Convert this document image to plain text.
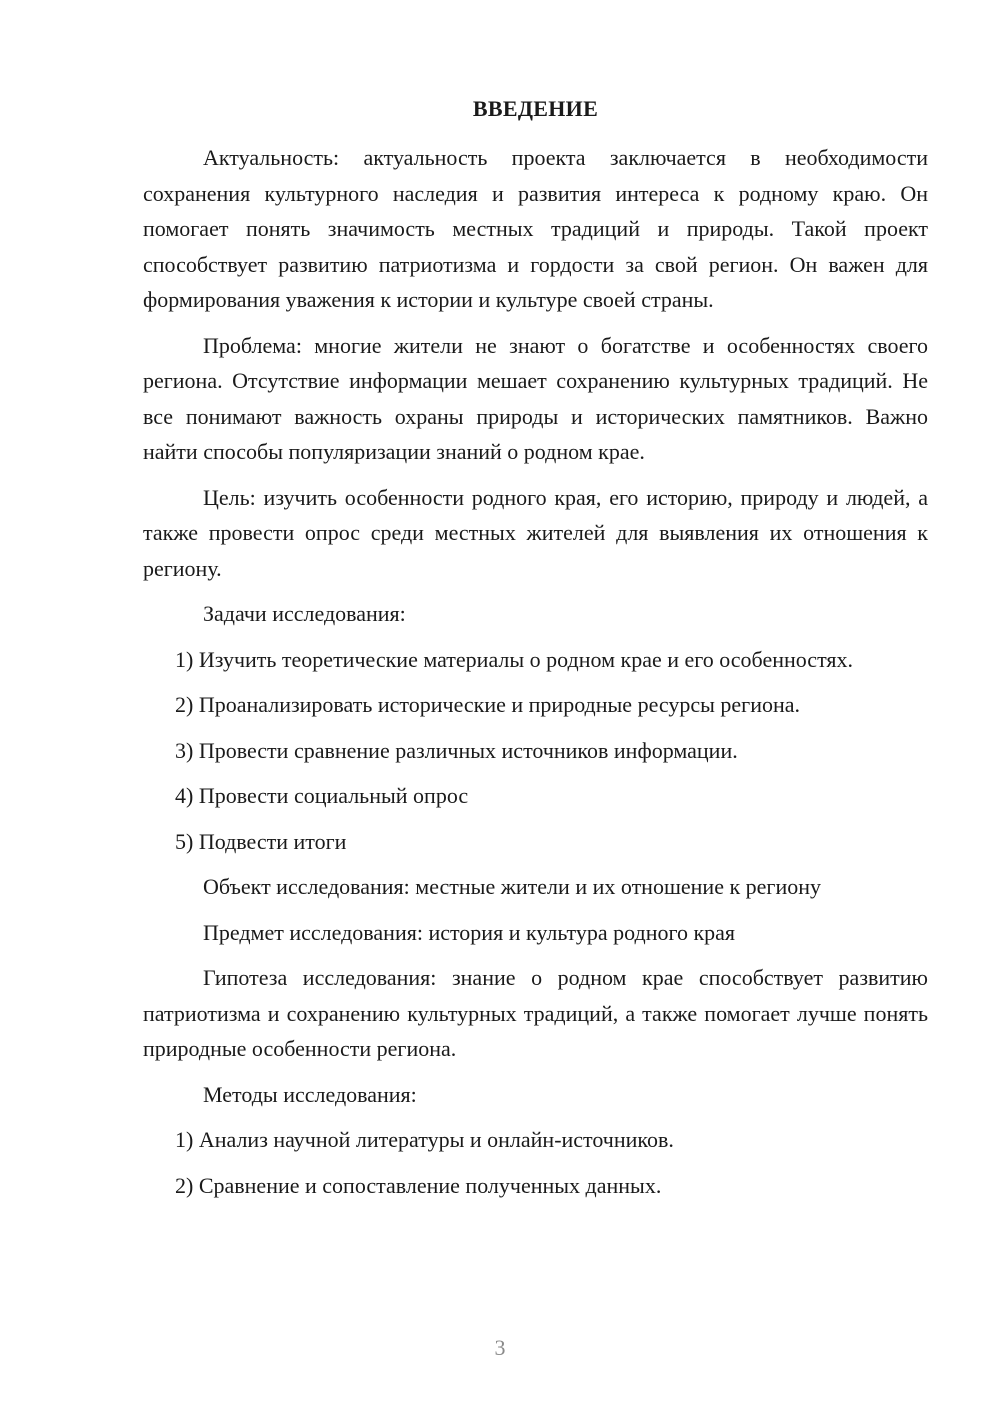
ВВЕДЕНИЕ

Актуальность: актуальность проекта заключается в необходимости сохранения культурного наследия и развития интереса к родному краю. Он помогает понять значимость местных традиций и природы. Такой проект способствует развитию патриотизма и гордости за свой регион. Он важен для формирования уважения к истории и культуре своей страны.

Проблема: многие жители не знают о богатстве и особенностях своего региона. Отсутствие информации мешает сохранению культурных традиций. Не все понимают важность охраны природы и исторических памятников. Важно найти способы популяризации знаний о родном крае.

Цель: изучить особенности родного края, его историю, природу и людей, а также провести опрос среди местных жителей для выявления их отношения к региону.

Задачи исследования:

1) Изучить теоретические материалы о родном крае и его особенностях.

2) Проанализировать исторические и природные ресурсы региона.

3) Провести сравнение различных источников информации.

4) Провести социальный опрос

5) Подвести итоги

Объект исследования: местные жители и их отношение к региону

Предмет исследования: история и культура родного края

Гипотеза исследования: знание о родном крае способствует развитию патриотизма и сохранению культурных традиций, а также помогает лучше понять природные особенности региона.

Методы исследования:

1) Анализ научной литературы и онлайн-источников.

2) Сравнение и сопоставление полученных данных.

3
